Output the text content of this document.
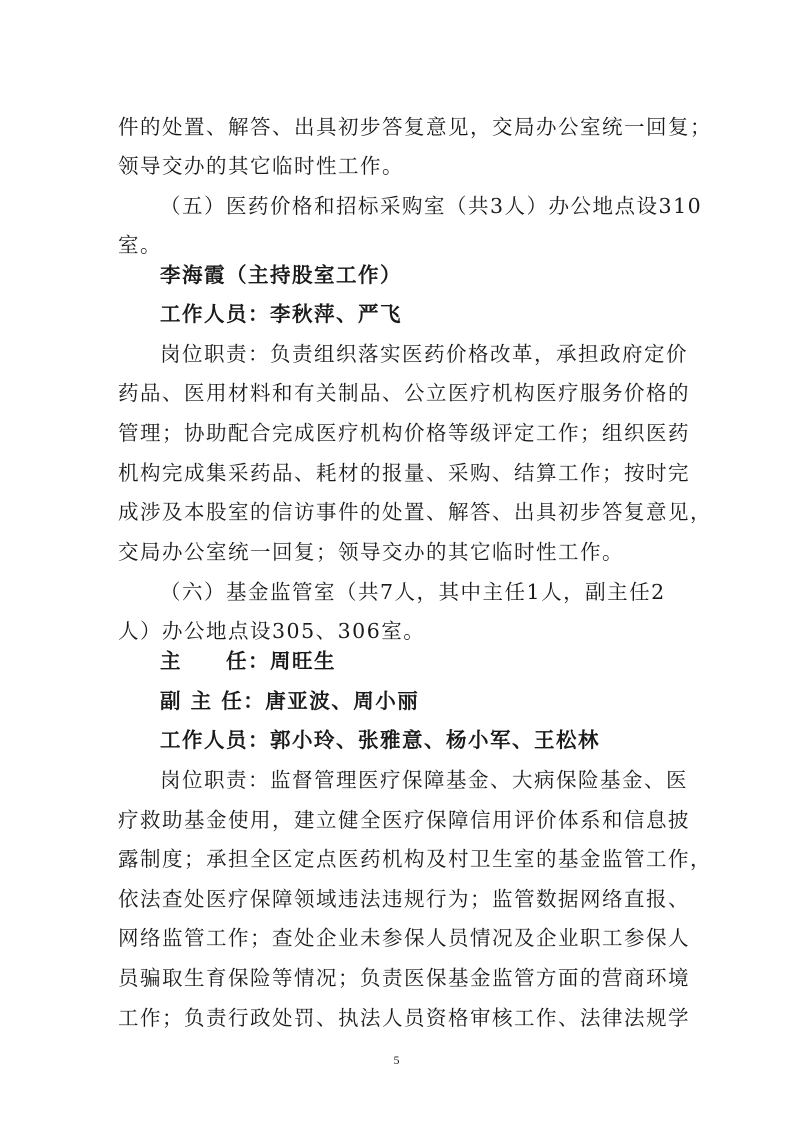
件的处置、解答、出具初步答复意见，交局办公室统一回复；
领导交办的其它临时性工作。
（五）医药价格和招标采购室（共3人）办公地点设310
室。
李海霞（主持股室工作）
工作人员：李秋萍、严飞
岗位职责：负责组织落实医药价格改革，承担政府定价
药品、医用材料和有关制品、公立医疗机构医疗服务价格的
管理；协助配合完成医疗机构价格等级评定工作；组织医药
机构完成集采药品、耗材的报量、采购、结算工作；按时完
成涉及本股室的信访事件的处置、解答、出具初步答复意见，
交局办公室统一回复；领导交办的其它临时性工作。
（六）基金监管室（共7人，其中主任1人，副主任2
人）办公地点设305、306室。
主　　任：周旺生
副 主 任：唐亚波、周小丽
工作人员：郭小玲、张雅意、杨小军、王松林
岗位职责：监督管理医疗保障基金、大病保险基金、医
疗救助基金使用，建立健全医疗保障信用评价体系和信息披
露制度；承担全区定点医药机构及村卫生室的基金监管工作，
依法查处医疗保障领域违法违规行为；监管数据网络直报、
网络监管工作；查处企业未参保人员情况及企业职工参保人
员骗取生育保险等情况；负责医保基金监管方面的营商环境
工作；负责行政处罚、执法人员资格审核工作、法律法规学
5
